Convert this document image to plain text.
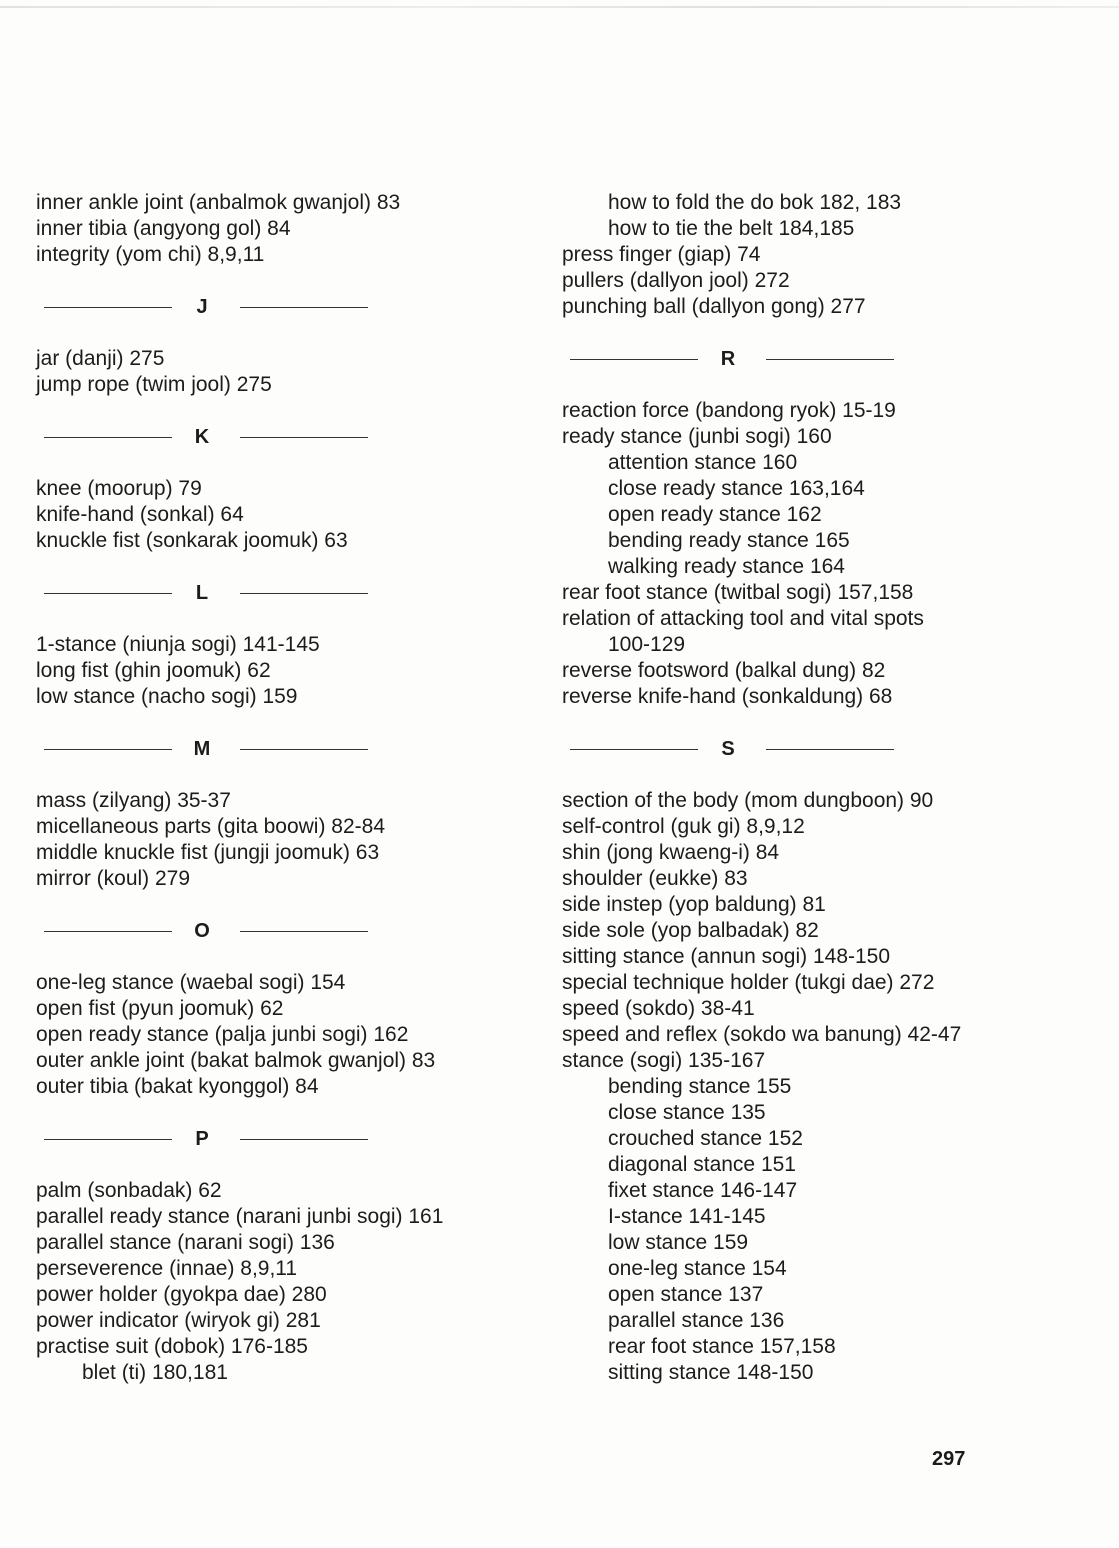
inner ankle joint (anbalmok gwanjol) 83
inner tibia (angyong gol) 84
integrity (yom chi) 8,9,11
J
jar (danji) 275
jump rope (twim jool) 275
K
knee (moorup) 79
knife-hand (sonkal) 64
knuckle fist (sonkarak joomuk) 63
L
1-stance (niunja sogi) 141-145
long fist (ghin joomuk) 62
low stance (nacho sogi) 159
M
mass (zilyang) 35-37
micellaneous parts (gita boowi) 82-84
middle knuckle fist (jungji joomuk) 63
mirror (koul) 279
O
one-leg stance (waebal sogi) 154
open fist (pyun joomuk) 62
open ready stance (palja junbi sogi) 162
outer ankle joint (bakat balmok gwanjol) 83
outer tibia (bakat kyonggol) 84
P
palm (sonbadak) 62
parallel ready stance (narani junbi sogi) 161
parallel stance (narani sogi) 136
perseverence (innae) 8,9,11
power holder (gyokpa dae) 280
power indicator (wiryok gi) 281
practise suit (dobok) 176-185
blet (ti) 180,181
how to fold the do bok 182, 183
how to tie the belt 184,185
press finger (giap) 74
pullers (dallyon jool) 272
punching ball (dallyon gong) 277
R
reaction force (bandong ryok) 15-19
ready stance (junbi sogi) 160
attention stance 160
close ready stance 163,164
open ready stance 162
bending ready stance 165
walking ready stance 164
rear foot stance (twitbal sogi) 157,158
relation of attacking tool and vital spots
100-129
reverse footsword (balkal dung) 82
reverse knife-hand (sonkaldung) 68
S
section of the body (mom dungboon) 90
self-control (guk gi) 8,9,12
shin (jong kwaeng-i) 84
shoulder (eukke) 83
side instep (yop baldung) 81
side sole (yop balbadak) 82
sitting stance (annun sogi) 148-150
special technique holder (tukgi dae) 272
speed (sokdo) 38-41
speed and reflex (sokdo wa banung) 42-47
stance (sogi) 135-167
bending stance 155
close stance 135
crouched stance 152
diagonal stance 151
fixet stance 146-147
I-stance 141-145
low stance 159
one-leg stance 154
open stance 137
parallel stance 136
rear foot stance 157,158
sitting stance 148-150
297
